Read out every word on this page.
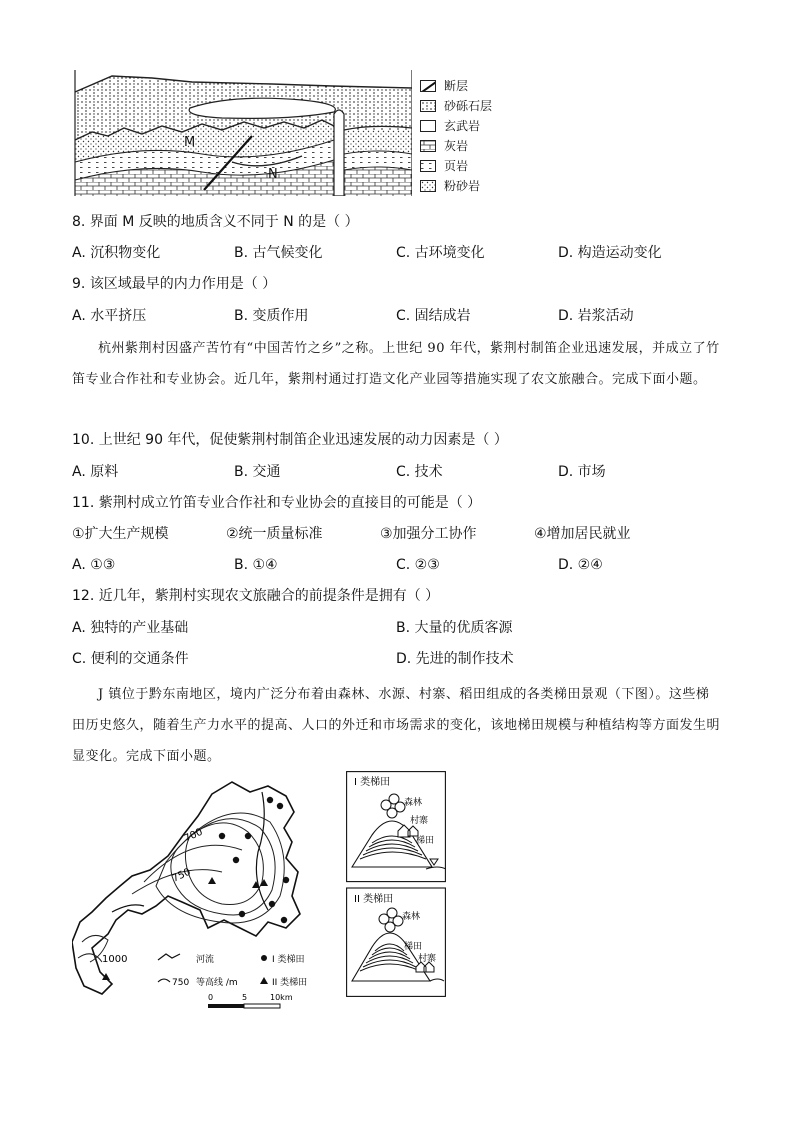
M
N
断层
砂砾石层
玄武岩
灰岩
页岩
粉砂岩
8. 界面 M 反映的地质含义不同于 N 的是（ ）
A. 沉积物变化	B. 古气候变化	C. 古环境变化	D. 构造运动变化
9. 该区域最早的内力作用是（ ）
A. 水平挤压	B. 变质作用	C. 固结成岩	D. 岩浆活动
杭州紫荆村因盛产苦竹有“中国苦竹之乡”之称。上世纪 90 年代，紫荆村制笛企业迅速发展，并成立了竹笛专业合作社和专业协会。近几年，紫荆村通过打造文化产业园等措施实现了农文旅融合。完成下面小题。
10. 上世纪 90 年代，促使紫荆村制笛企业迅速发展的动力因素是（ ）
A. 原料	B. 交通	C. 技术	D. 市场
11. 紫荆村成立竹笛专业合作社和专业协会的直接目的可能是（ ）
①扩大生产规模	②统一质量标准	③加强分工协作	④增加居民就业
A. ①③	B. ①④	C. ②③	D. ②④
12. 近几年，紫荆村实现农文旅融合的前提条件是拥有（ ）
A. 独特的产业基础	B. 大量的优质客源
C. 便利的交通条件	D. 先进的制作技术
J 镇位于黔东南地区，境内广泛分布着由森林、水源、村寨、稻田组成的各类梯田景观（下图）。这些梯田历史悠久，随着生产力水平的提高、人口的外迁和市场需求的变化，该地梯田规模与种植结构等方面发生明显变化。完成下面小题。
700
750
1000	河流
750 等高线 /m
I 类梯田
II 类梯田
0	5	10km
I 类梯田
森林
村寨
梯田
II 类梯田
森林
梯田
村寨
